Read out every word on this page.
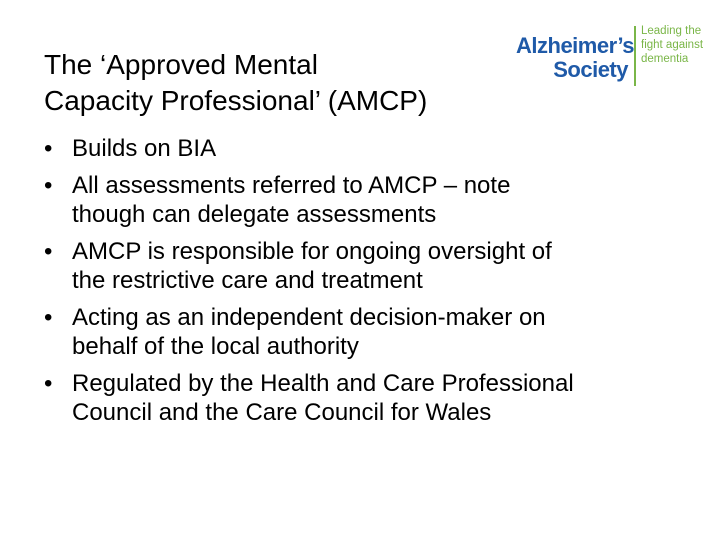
The ‘Approved Mental
Capacity Professional’ (AMCP)
Alzheimer’s
Society
Leading the
fight against
dementia
• Builds on BIA
• All assessments referred to AMCP – note
though can delegate assessments
• AMCP is responsible for ongoing oversight of
the restrictive care and treatment
• Acting as an independent decision-maker on
behalf of the local authority
• Regulated by the Health and Care Professional
Council and the Care Council for Wales
